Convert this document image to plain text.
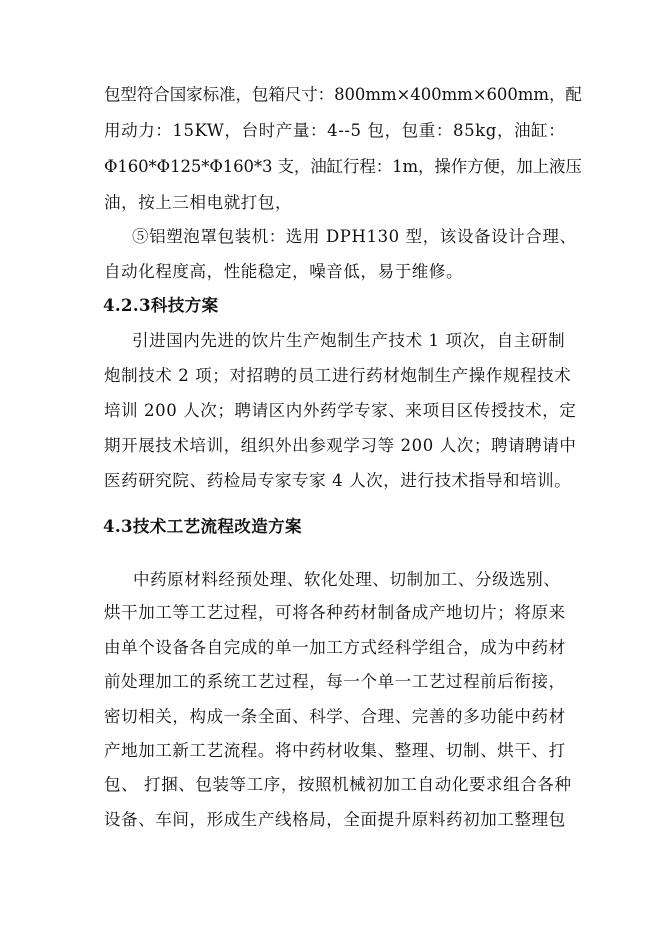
包型符合国家标准，包箱尺寸：800mm×400mm×600mm，配
用动力：15KW，台时产量：4--5 包，包重：85kg，油缸：
Φ160*Φ125*Φ160*3 支，油缸行程：1m，操作方便，加上液压
油，按上三相电就打包，
⑤铝塑泡罩包装机：选用 DPH130 型，该设备设计合理、
自动化程度高，性能稳定，噪音低，易于维修。
4.2.3科技方案
引进国内先进的饮片生产炮制生产技术 1 项次，自主研制
炮制技术 2 项；对招聘的员工进行药材炮制生产操作规程技术
培训 200 人次；聘请区内外药学专家、来项目区传授技术，定
期开展技术培训，组织外出参观学习等 200 人次；聘请聘请中
医药研究院、药检局专家专家 4 人次，进行技术指导和培训。
4.3技术工艺流程改造方案
中药原材料经预处理、软化处理、切制加工、分级选别、
烘干加工等工艺过程，可将各种药材制备成产地切片；将原来
由单个设备各自完成的单一加工方式经科学组合，成为中药材
前处理加工的系统工艺过程，每一个单一工艺过程前后衔接，
密切相关，构成一条全面、科学、合理、完善的多功能中药材
产地加工新工艺流程。将中药材收集、整理、切制、烘干、打
包、 打捆、包装等工序，按照机械初加工自动化要求组合各种
设备、车间，形成生产线格局，全面提升原料药初加工整理包
